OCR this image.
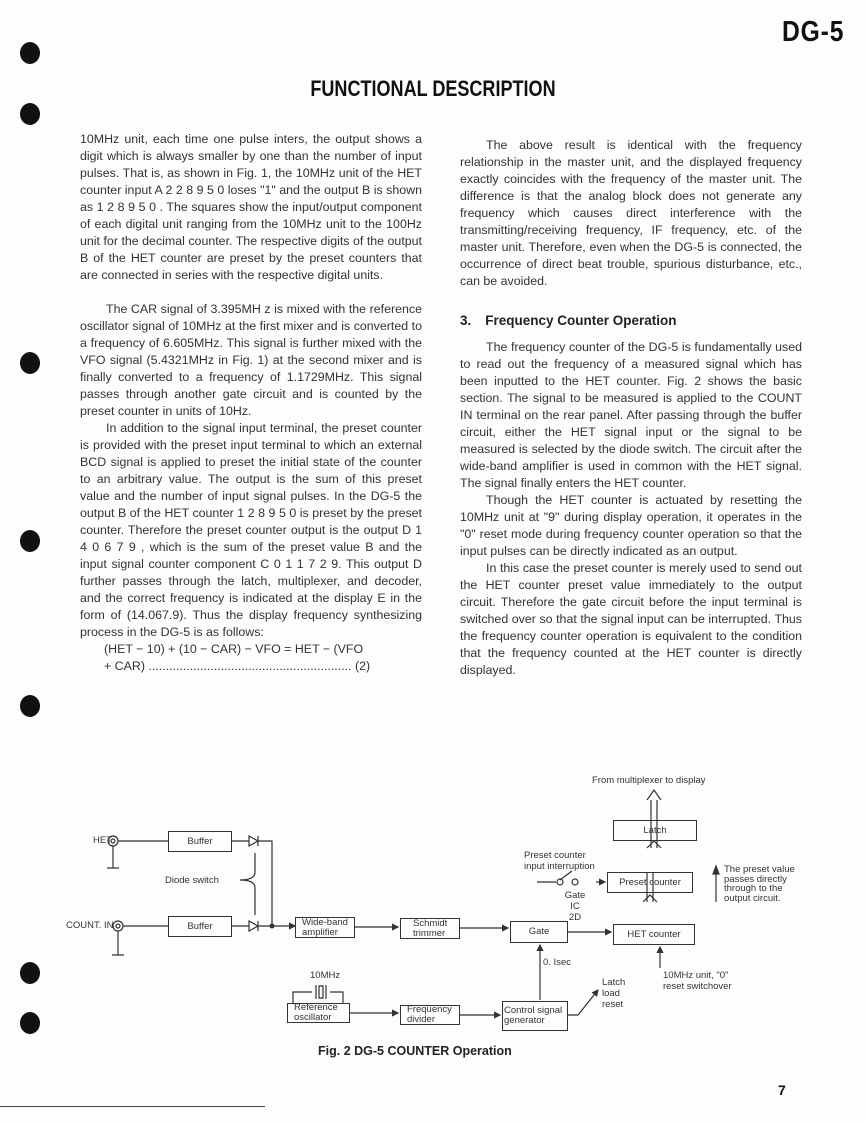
DG-5
FUNCTIONAL DESCRIPTION

10MHz unit, each time one pulse inters, the output shows a digit which is always smaller by one than the number of input pulses. That is, as shown in Fig. 1, the 10MHz unit of the HET counter input A 2 2 8 9 5 0 loses "1" and the output B is shown as 1 2 8 9 5 0 . The squares show the input/output component of each digital unit ranging from the 10MHz unit to the 100Hz unit for the decimal counter. The respective digits of the output B of the HET counter are preset by the preset counters that are connected in series with the respective digital units.

The CAR signal of 3.395MH z is mixed with the reference oscillator signal of 10MHz at the first mixer and is converted to a frequency of 6.605MHz. This signal is further mixed with the VFO signal (5.4321MHz in Fig. 1) at the second mixer and is finally converted to a frequency of 1.1729MHz. This signal passes through another gate circuit and is counted by the preset counter in units of 10Hz.

In addition to the signal input terminal, the preset counter is provided with the preset input terminal to which an external BCD signal is applied to preset the initial state of the counter to an arbitrary value. The output is the sum of this preset value and the number of input signal pulses. In the DG-5 the output B of the HET counter 1 2 8 9 5 0 is preset by the preset counter. Therefore the preset counter output is the output D 1 4 0 6 7 9 , which is the sum of the preset value B and the input signal counter component C 0 1 1 7 2 9. This output D further passes through the latch, multiplexer, and decoder, and the correct frequency is indicated at the display E in the form of (14.067.9). Thus the display frequency synthesizing process in the DG-5 is as follows:

(HET − 10) + (10 − CAR) − VFO = HET − (VFO

+ CAR) ........................................................... (2)

The above result is identical with the frequency relationship in the master unit, and the displayed frequency exactly coincides with the frequency of the master unit. The difference is that the analog block does not generate any frequency which causes direct interference with the transmitting/receiving frequency, IF frequency, etc. of the master unit. Therefore, even when the DG-5 is connected, the occurrence of direct beat trouble, spurious disturbance, etc., can be avoided.

3. Frequency Counter Operation

The frequency counter of the DG-5 is fundamentally used to read out the frequency of a measured signal which has been inputted to the HET counter. Fig. 2 shows the basic section. The signal to be measured is applied to the COUNT IN terminal on the rear panel. After passing through the buffer circuit, either the HET signal input or the signal to be measured is selected by the diode switch. The circuit after the wide-band amplifier is used in common with the HET signal. The signal finally enters the HET counter.

Though the HET counter is actuated by resetting the 10MHz unit at "9" during display operation, it operates in the "0" reset mode during frequency counter operation so that the input pulses can be directly indicated as an output.

In this case the preset counter is merely used to send out the HET counter preset value immediately to the output circuit. Therefore the gate circuit before the input terminal is switched over so that the signal input can be interrupted. Thus the frequency counter operation is equivalent to the condition that the frequency counted at the HET counter is directly displayed.

HET
COUNT. IN
Buffer
Buffer
Diode switch
Wide-band amplifier
Schmidt trimmer	Gate	HET counter
Preset counter
Latch
From multiplexer to display
Preset counter input interruption
Gate IC 2D
The preset value passes directly through to the output circuit.
0. Isec
10MHz
Reference oscillator
Frequency divider
Control signal generator
Latch load reset
10MHz unit, "0" reset switchover
Fig. 2 DG-5 COUNTER Operation
7
